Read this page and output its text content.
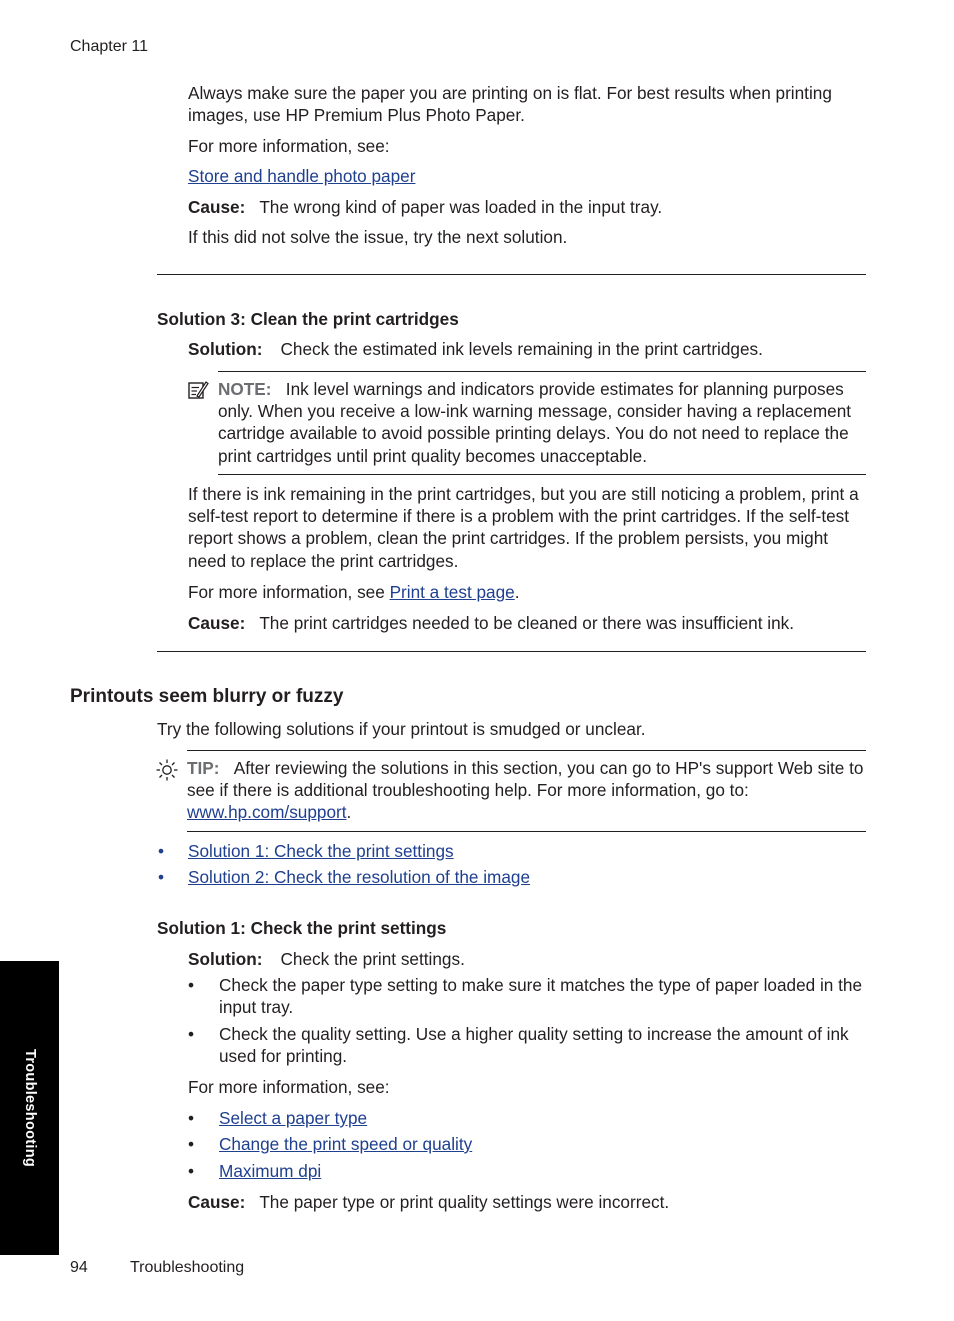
Chapter 11

Always make sure the paper you are printing on is flat. For best results when printing images, use HP Premium Plus Photo Paper.

For more information, see:

Store and handle photo paper

Cause: The wrong kind of paper was loaded in the input tray.

If this did not solve the issue, try the next solution.

Solution 3: Clean the print cartridges

Solution: Check the estimated ink levels remaining in the print cartridges.

NOTE: Ink level warnings and indicators provide estimates for planning purposes only. When you receive a low-ink warning message, consider having a replacement cartridge available to avoid possible printing delays. You do not need to replace the print cartridges until print quality becomes unacceptable.

If there is ink remaining in the print cartridges, but you are still noticing a problem, print a self-test report to determine if there is a problem with the print cartridges. If the self-test report shows a problem, clean the print cartridges. If the problem persists, you might need to replace the print cartridges.

For more information, see Print a test page.

Cause: The print cartridges needed to be cleaned or there was insufficient ink.

Printouts seem blurry or fuzzy

Try the following solutions if your printout is smudged or unclear.

TIP: After reviewing the solutions in this section, you can go to HP's support Web site to see if there is additional troubleshooting help. For more information, go to: www.hp.com/support.

• Solution 1: Check the print settings
• Solution 2: Check the resolution of the image

Solution 1: Check the print settings

Solution: Check the print settings.

• Check the paper type setting to make sure it matches the type of paper loaded in the input tray.

• Check the quality setting. Use a higher quality setting to increase the amount of ink used for printing.

For more information, see:

• Select a paper type
• Change the print speed or quality
• Maximum dpi

Cause: The paper type or print quality settings were incorrect.

Troubleshooting
94	Troubleshooting
